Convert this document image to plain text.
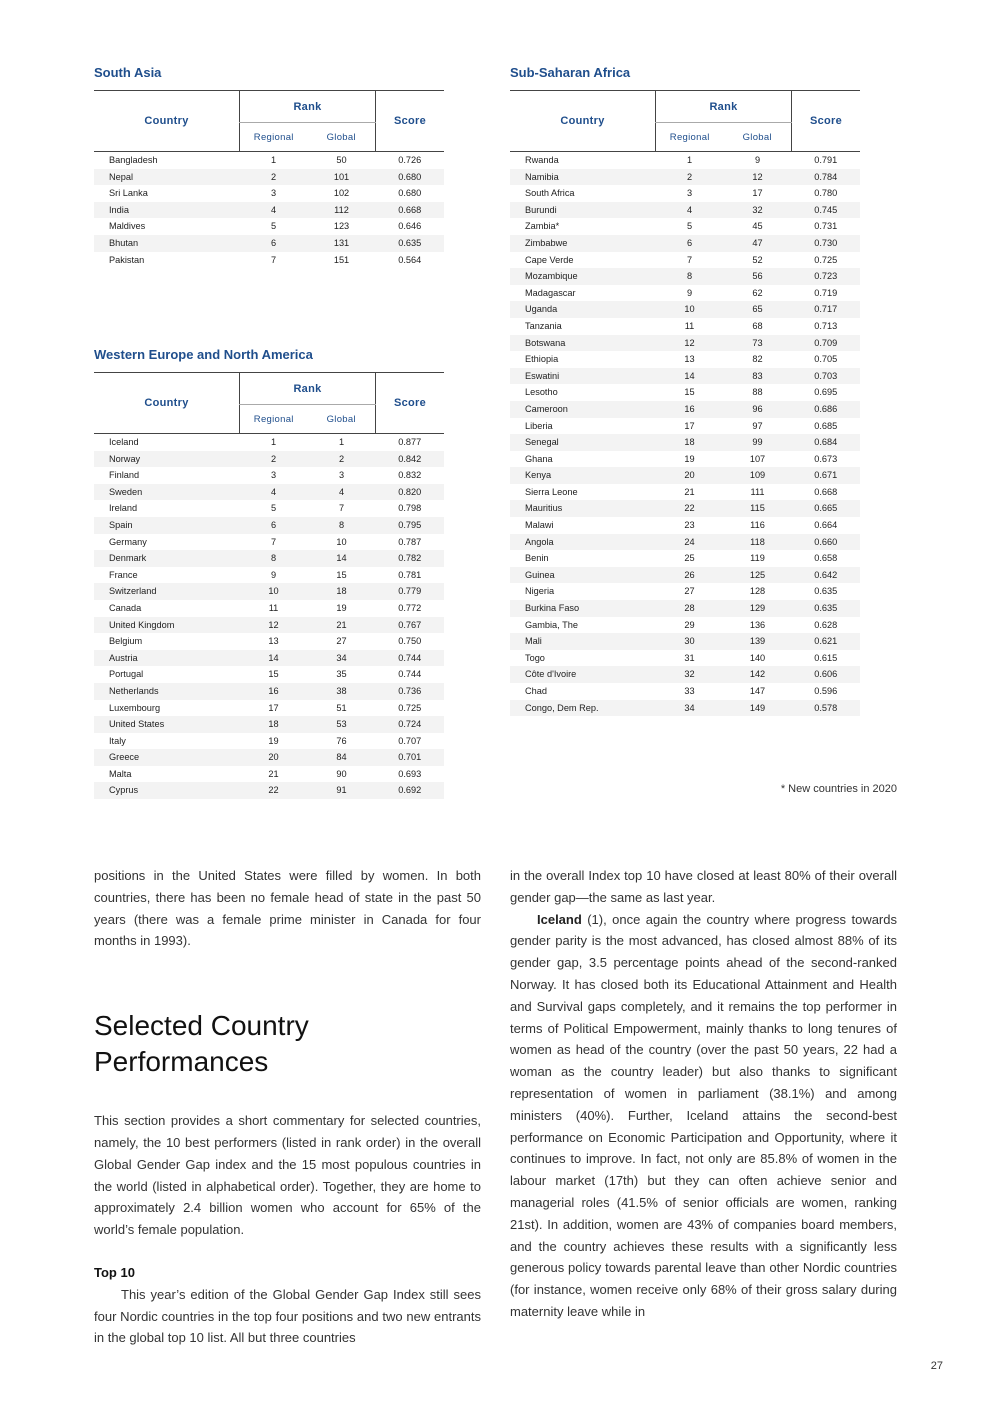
South Asia
Country	Rank		Score
	Regional	Global	
Bangladesh	1	50	0.726
Nepal	2	101	0.680
Sri Lanka	3	102	0.680
India	4	112	0.668
Maldives	5	123	0.646
Bhutan	6	131	0.635
Pakistan	7	151	0.564
Western Europe and North America
Country	Rank		Score
	Regional	Global	
Iceland	1	1	0.877
Norway	2	2	0.842
Finland	3	3	0.832
Sweden	4	4	0.820
Ireland	5	7	0.798
Spain	6	8	0.795
Germany	7	10	0.787
Denmark	8	14	0.782
France	9	15	0.781
Switzerland	10	18	0.779
Canada	11	19	0.772
United Kingdom	12	21	0.767
Belgium	13	27	0.750
Austria	14	34	0.744
Portugal	15	35	0.744
Netherlands	16	38	0.736
Luxembourg	17	51	0.725
United States	18	53	0.724
Italy	19	76	0.707
Greece	20	84	0.701
Malta	21	90	0.693
Cyprus	22	91	0.692
Sub-Saharan Africa
Country	Rank		Score
	Regional	Global	
Rwanda	1	9	0.791
Namibia	2	12	0.784
South Africa	3	17	0.780
Burundi	4	32	0.745
Zambia*	5	45	0.731
Zimbabwe	6	47	0.730
Cape Verde	7	52	0.725
Mozambique	8	56	0.723
Madagascar	9	62	0.719
Uganda	10	65	0.717
Tanzania	11	68	0.713
Botswana	12	73	0.709
Ethiopia	13	82	0.705
Eswatini	14	83	0.703
Lesotho	15	88	0.695
Cameroon	16	96	0.686
Liberia	17	97	0.685
Senegal	18	99	0.684
Ghana	19	107	0.673
Kenya	20	109	0.671
Sierra Leone	21	111	0.668
Mauritius	22	115	0.665
Malawi	23	116	0.664
Angola	24	118	0.660
Benin	25	119	0.658
Guinea	26	125	0.642
Nigeria	27	128	0.635
Burkina Faso	28	129	0.635
Gambia, The	29	136	0.628
Mali	30	139	0.621
Togo	31	140	0.615
Côte d'Ivoire	32	142	0.606
Chad	33	147	0.596
Congo, Dem Rep.	34	149	0.578
* New countries in 2020

positions in the United States were filled by women. In both countries, there has been no female head of state in the past 50 years (there was a female prime minister in Canada for four months in 1993).

Selected Country
Performances

This section provides a short commentary for selected countries, namely, the 10 best performers (listed in rank order) in the overall Global Gender Gap index and the 15 most populous countries in the world (listed in alphabetical order). Together, they are home to approximately 2.4 billion women who account for 65% of the world’s female population.

Top 10

This year’s edition of the Global Gender Gap Index still sees four Nordic countries in the top four positions and two new entrants in the global top 10 list. All but three countries

in the overall Index top 10 have closed at least 80% of their overall gender gap—the same as last year.

Iceland (1), once again the country where progress towards gender parity is the most advanced, has closed almost 88% of its gender gap, 3.5 percentage points ahead of the second-ranked Norway. It has closed both its Educational Attainment and Health and Survival gaps completely, and it remains the top performer in terms of Political Empowerment, mainly thanks to long tenures of women as head of the country (over the past 50 years, 22 had a woman as the country leader) but also thanks to significant representation of women in parliament (38.1%) and among ministers (40%). Further, Iceland attains the second-best performance on Economic Participation and Opportunity, where it continues to improve. In fact, not only are 85.8% of women in the labour market (17th) but they can often achieve senior and managerial roles (41.5% of senior officials are women, ranking 21st). In addition, women are 43% of companies board members, and the country achieves these results with a significantly less generous policy towards parental leave than other Nordic countries (for instance, women receive only 68% of their gross salary during maternity leave while in

27
